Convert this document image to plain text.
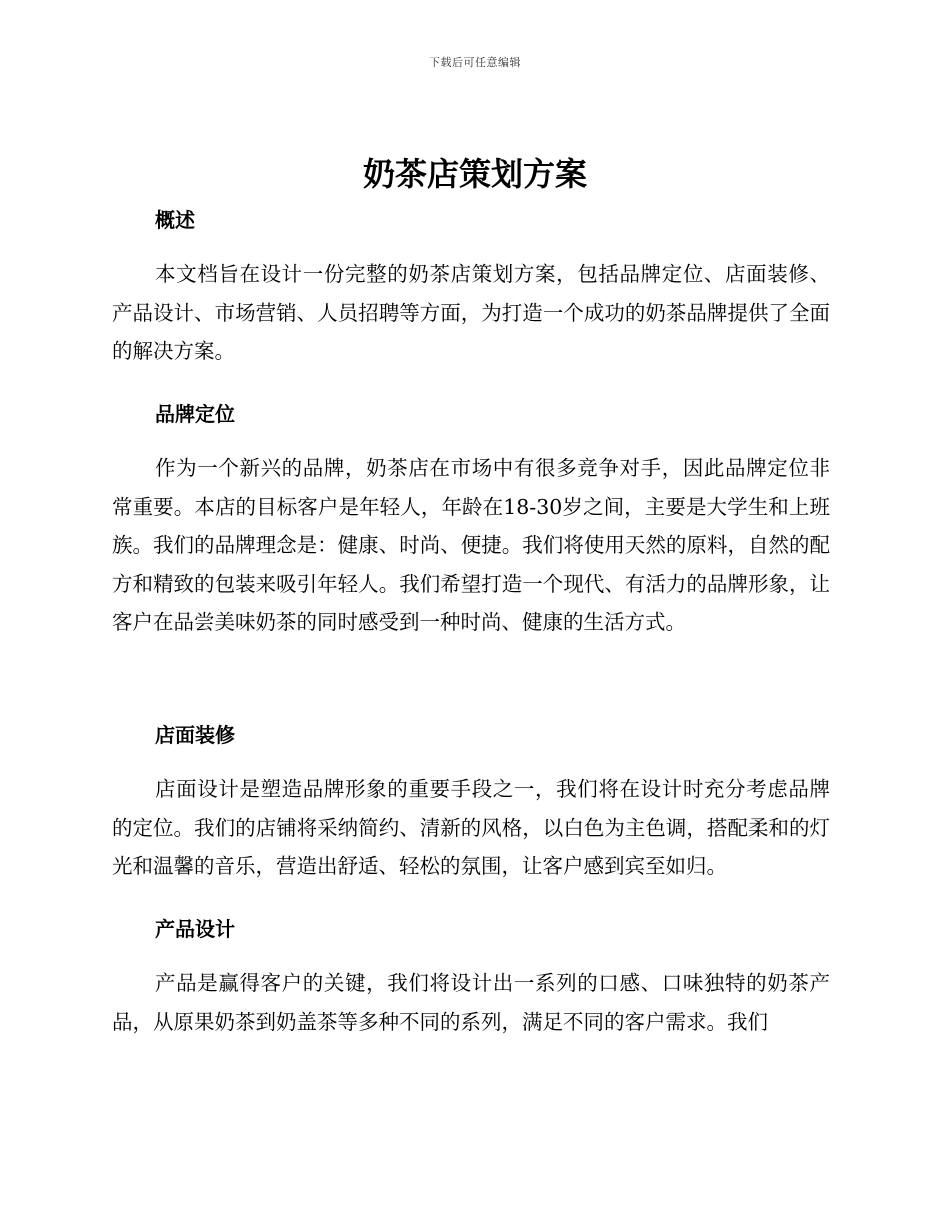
下载后可任意编辑
奶茶店策划方案
概述

本文档旨在设计一份完整的奶茶店策划方案，包括品牌定位、店面装修、产品设计、市场营销、人员招聘等方面，为打造一个成功的奶茶品牌提供了全面的解决方案。

品牌定位

作为一个新兴的品牌，奶茶店在市场中有很多竞争对手，因此品牌定位非常重要。本店的目标客户是年轻人，年龄在18-30岁之间，主要是大学生和上班族。我们的品牌理念是：健康、时尚、便捷。我们将使用天然的原料，自然的配方和精致的包装来吸引年轻人。我们希望打造一个现代、有活力的品牌形象，让客户在品尝美味奶茶的同时感受到一种时尚、健康的生活方式。

店面装修

店面设计是塑造品牌形象的重要手段之一，我们将在设计时充分考虑品牌的定位。我们的店铺将采纳简约、清新的风格，以白色为主色调，搭配柔和的灯光和温馨的音乐，营造出舒适、轻松的氛围，让客户感到宾至如归。

产品设计

产品是赢得客户的关键，我们将设计出一系列的口感、口味独特的奶茶产品，从原果奶茶到奶盖茶等多种不同的系列，满足不同的客户需求。我们
